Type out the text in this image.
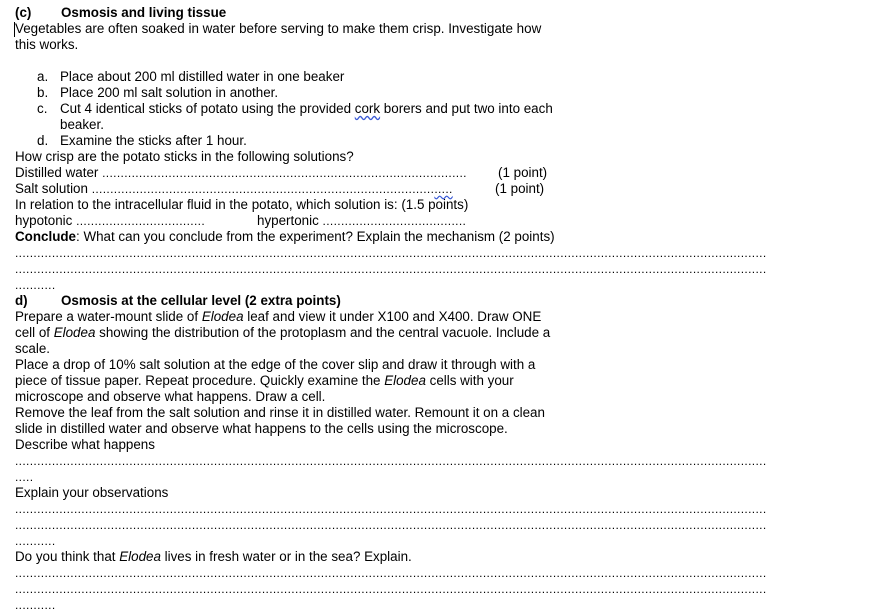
(c) Osmosis and living tissue
Vegetables are often soaked in water before serving to make them crisp. Investigate how
this works.
a. Place about 200 ml distilled water in one beaker
b. Place 200 ml salt solution in another.
c. Cut 4 identical sticks of potato using the provided cork borers and put two into each
beaker.
d. Examine the sticks after 1 hour.
How crisp are the potato sticks in the following solutions?
Distilled water ................................................................................................... (1 point)
Salt solution ..................................................................................................	(1 point)
In relation to the intracellular fluid in the potato, which solution is: (1.5 points)
hypotonic ...................................	hypertonic .......................................
Conclude: What can you conclude from the experiment? Explain the mechanism (2 points)
............................................................................................................................................................................................................
............................................................................................................................................................................................................
...........
d) Osmosis at the cellular level (2 extra points)
Prepare a water-mount slide of Elodea leaf and view it under X100 and X400. Draw ONE
cell of Elodea showing the distribution of the protoplasm and the central vacuole. Include a
scale.
Place a drop of 10% salt solution at the edge of the cover slip and draw it through with a
piece of tissue paper. Repeat procedure. Quickly examine the Elodea cells with your
microscope and observe what happens. Draw a cell.
Remove the leaf from the salt solution and rinse it in distilled water. Remount it on a clean
slide in distilled water and observe what happens to the cells using the microscope.
Describe what happens
............................................................................................................................................................................................................
.....
Explain your observations
............................................................................................................................................................................................................
............................................................................................................................................................................................................
...........
Do you think that Elodea lives in fresh water or in the sea? Explain.
............................................................................................................................................................................................................
............................................................................................................................................................................................................
...........
